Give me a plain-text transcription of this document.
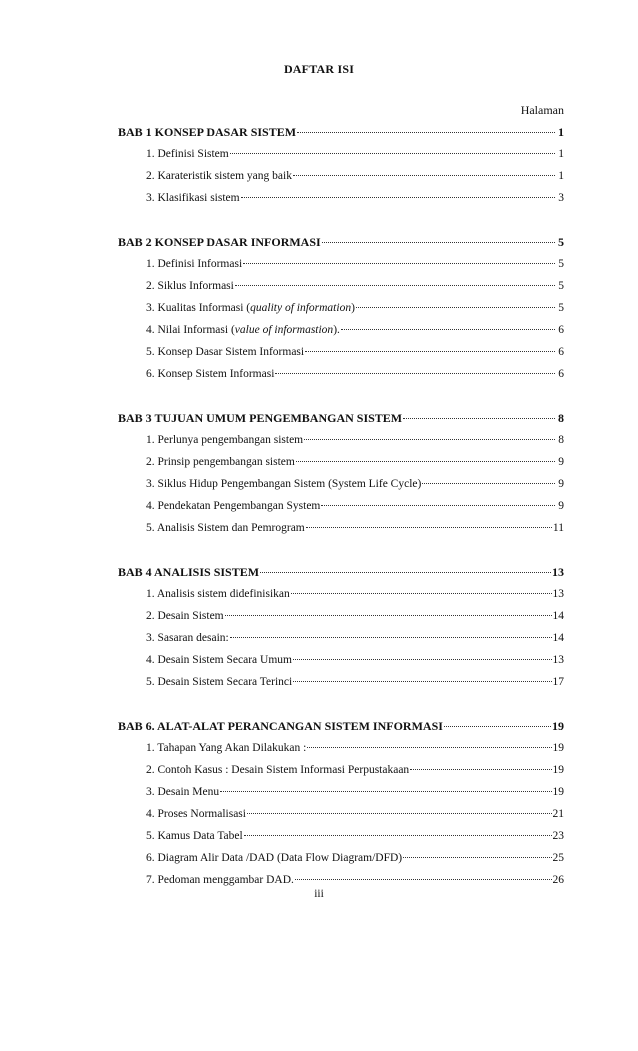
DAFTAR ISI
Halaman
BAB 1 KONSEP DASAR SISTEM	1
1. Definisi Sistem	1
2. Karateristik sistem yang baik	1
3. Klasifikasi sistem	3
BAB 2 KONSEP DASAR INFORMASI	5
1. Definisi Informasi	5
2. Siklus Informasi	5
3. Kualitas Informasi (quality of information)	5
4. Nilai Informasi (value of informastion).	6
5. Konsep Dasar Sistem Informasi	6
6. Konsep Sistem Informasi	6
BAB 3 TUJUAN UMUM PENGEMBANGAN SISTEM	8
1. Perlunya pengembangan sistem	8
2. Prinsip pengembangan sistem	9
3. Siklus Hidup Pengembangan Sistem (System Life Cycle)	9
4. Pendekatan Pengembangan System	9
5. Analisis Sistem dan Pemrogram	11
BAB 4 ANALISIS SISTEM	13
1. Analisis sistem didefinisikan	13
2. Desain Sistem	14
3. Sasaran desain:	14
4. Desain Sistem Secara Umum	13
5. Desain Sistem Secara Terinci	17
BAB 6. ALAT-ALAT PERANCANGAN SISTEM INFORMASI	19
1. Tahapan Yang Akan Dilakukan :	19
2. Contoh Kasus : Desain Sistem Informasi Perpustakaan	19
3. Desain Menu	19
4. Proses Normalisasi	21
5. Kamus Data Tabel	23
6. Diagram Alir Data /DAD (Data Flow Diagram/DFD)	25
7. Pedoman menggambar DAD.	26
iii
